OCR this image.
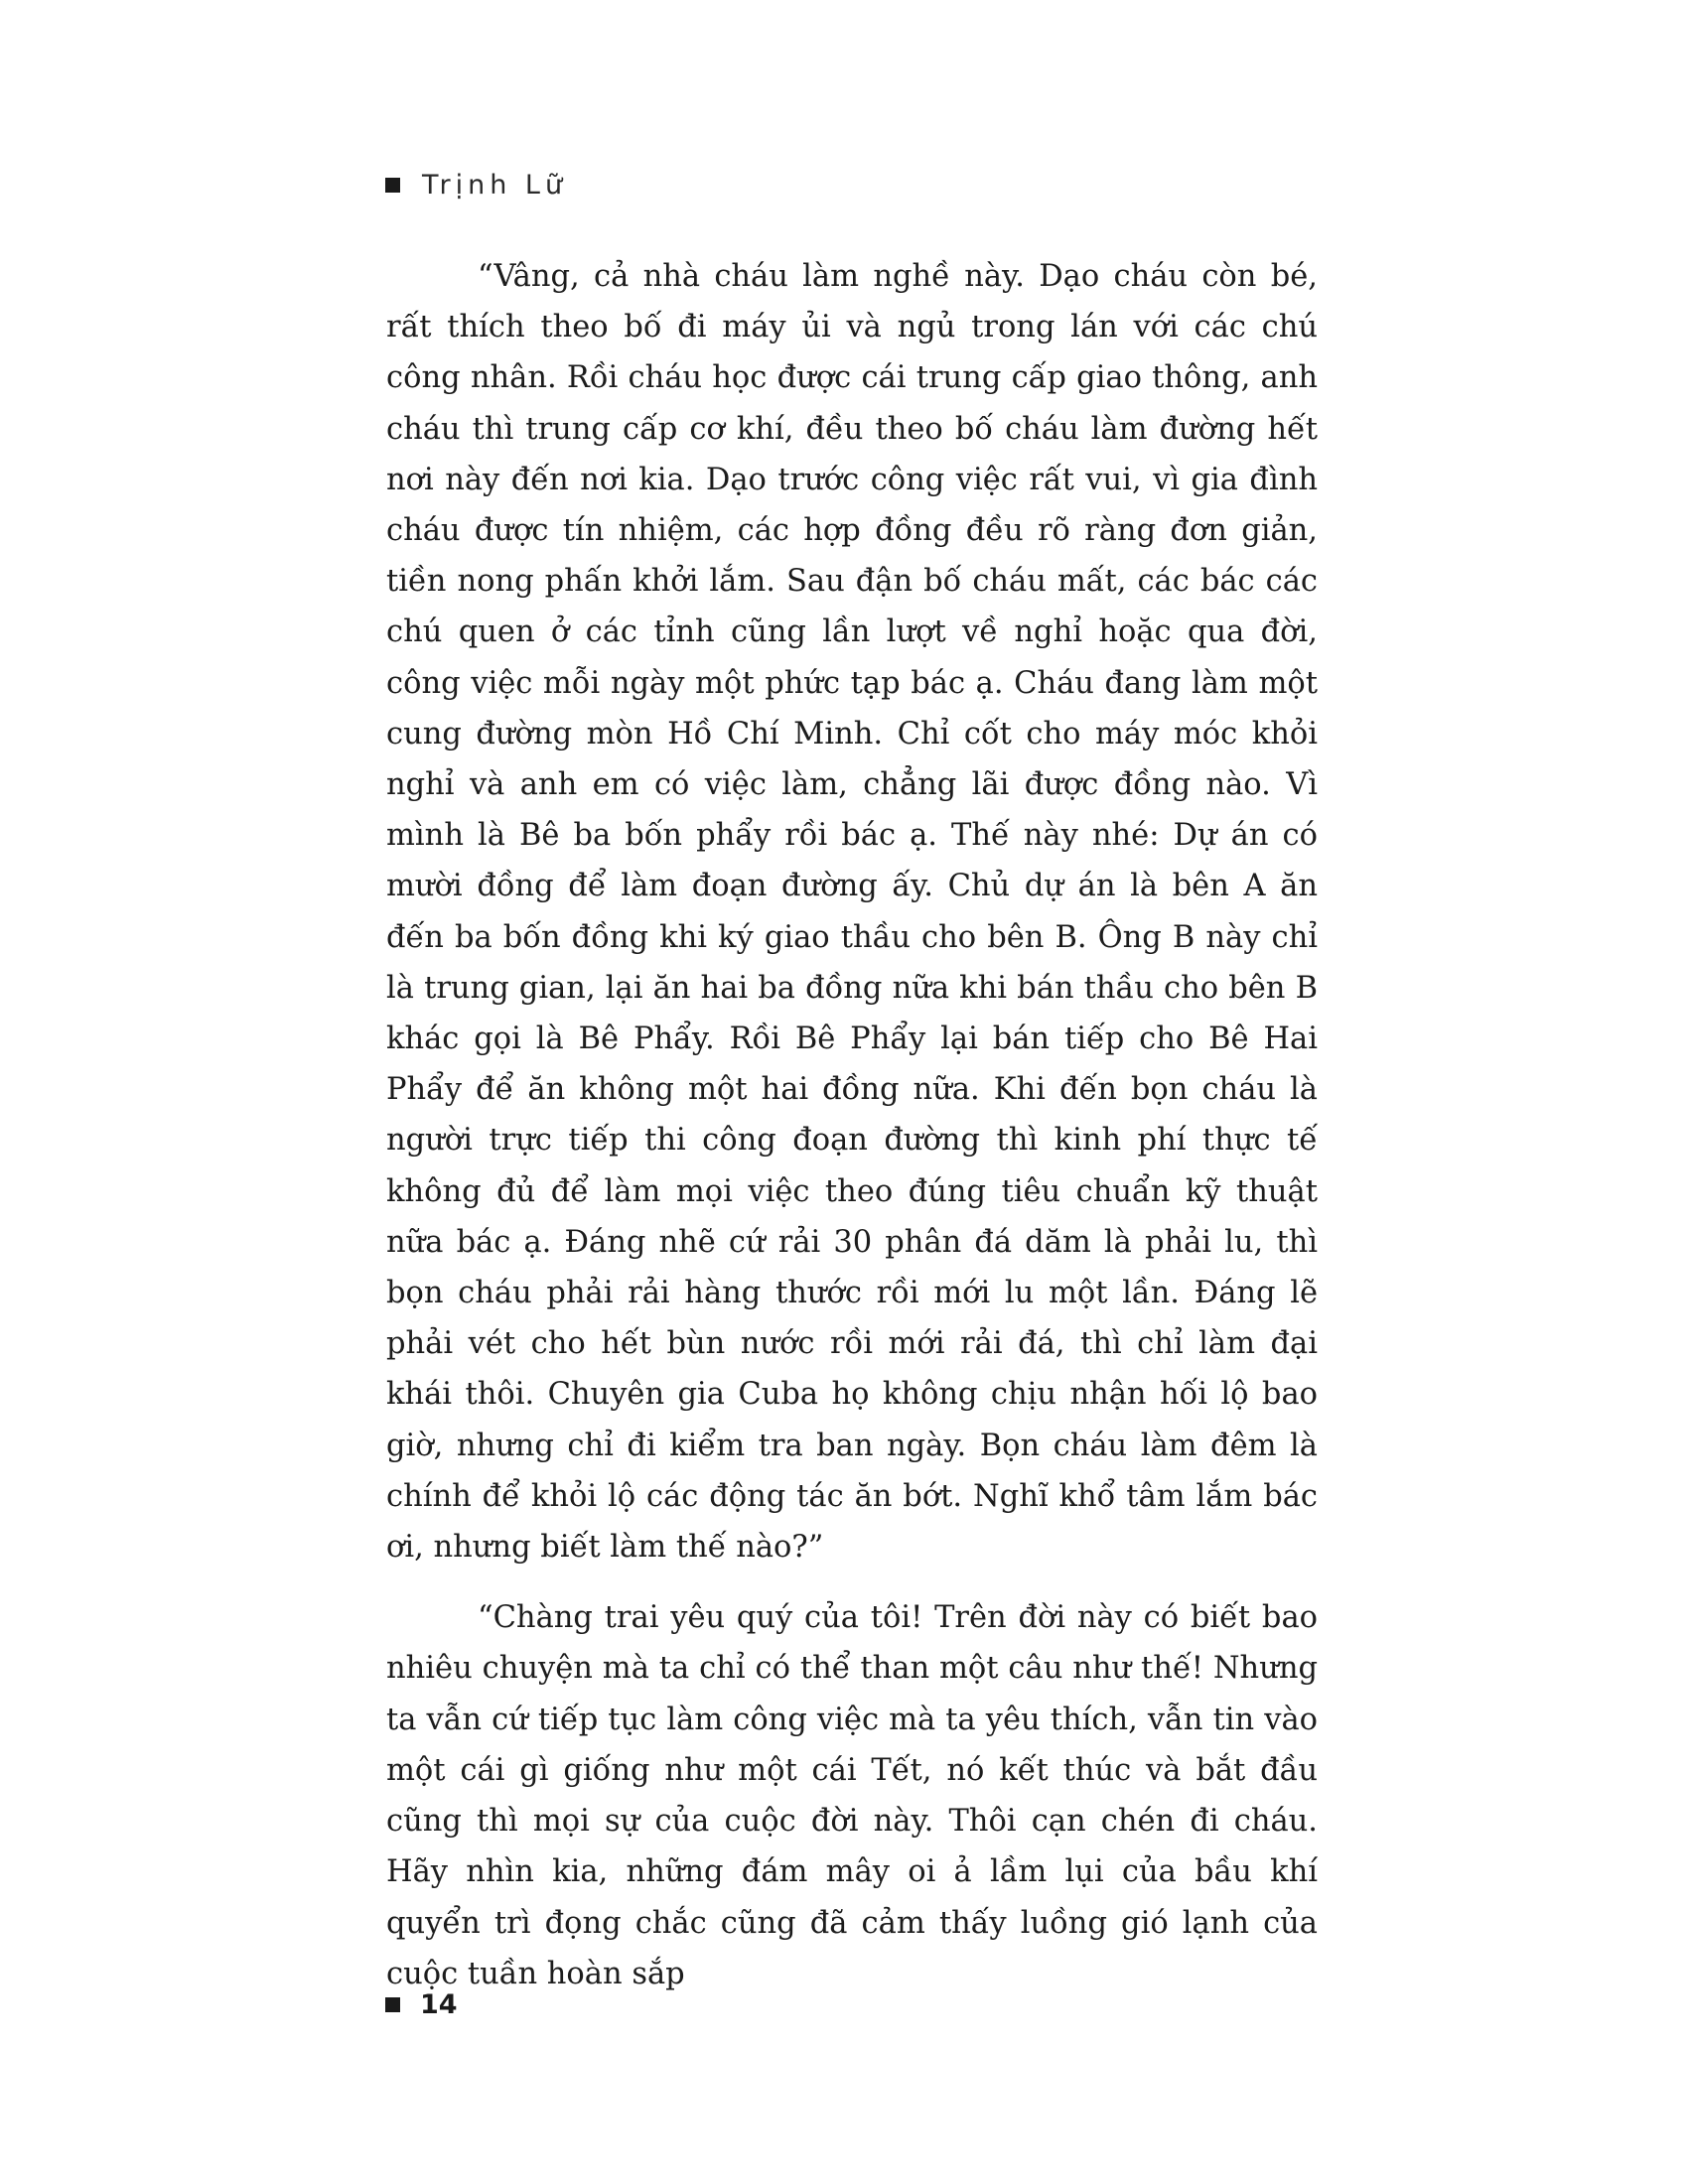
Trịnh Lữ

“Vâng, cả nhà cháu làm nghề này. Dạo cháu còn bé, rất thích theo bố đi máy ủi và ngủ trong lán với các chú công nhân. Rồi cháu học được cái trung cấp giao thông, anh cháu thì trung cấp cơ khí, đều theo bố cháu làm đường hết nơi này đến nơi kia. Dạo trước công việc rất vui, vì gia đình cháu được tín nhiệm, các hợp đồng đều rõ ràng đơn giản, tiền nong phấn khởi lắm. Sau đận bố cháu mất, các bác các chú quen ở các tỉnh cũng lần lượt về nghỉ hoặc qua đời, công việc mỗi ngày một phức tạp bác ạ. Cháu đang làm một cung đường mòn Hồ Chí Minh. Chỉ cốt cho máy móc khỏi nghỉ và anh em có việc làm, chẳng lãi được đồng nào. Vì mình là Bê ba bốn phẩy rồi bác ạ. Thế này nhé: Dự án có mười đồng để làm đoạn đường ấy. Chủ dự án là bên A ăn đến ba bốn đồng khi ký giao thầu cho bên B. Ông B này chỉ là trung gian, lại ăn hai ba đồng nữa khi bán thầu cho bên B khác gọi là Bê Phẩy. Rồi Bê Phẩy lại bán tiếp cho Bê Hai Phẩy để ăn không một hai đồng nữa. Khi đến bọn cháu là người trực tiếp thi công đoạn đường thì kinh phí thực tế không đủ để làm mọi việc theo đúng tiêu chuẩn kỹ thuật nữa bác ạ. Đáng nhẽ cứ rải 30 phân đá dăm là phải lu, thì bọn cháu phải rải hàng thước rồi mới lu một lần. Đáng lẽ phải vét cho hết bùn nước rồi mới rải đá, thì chỉ làm đại khái thôi. Chuyên gia Cuba họ không chịu nhận hối lộ bao giờ, nhưng chỉ đi kiểm tra ban ngày. Bọn cháu làm đêm là chính để khỏi lộ các động tác ăn bớt. Nghĩ khổ tâm lắm bác ơi, nhưng biết làm thế nào?”

“Chàng trai yêu quý của tôi! Trên đời này có biết bao nhiêu chuyện mà ta chỉ có thể than một câu như thế! Nhưng ta vẫn cứ tiếp tục làm công việc mà ta yêu thích, vẫn tin vào một cái gì giống như một cái Tết, nó kết thúc và bắt đầu cũng thì mọi sự của cuộc đời này. Thôi cạn chén đi cháu. Hãy nhìn kia, những đám mây oi ả lầm lụi của bầu khí quyển trì đọng chắc cũng đã cảm thấy luồng gió lạnh của cuộc tuần hoàn sắp

14
